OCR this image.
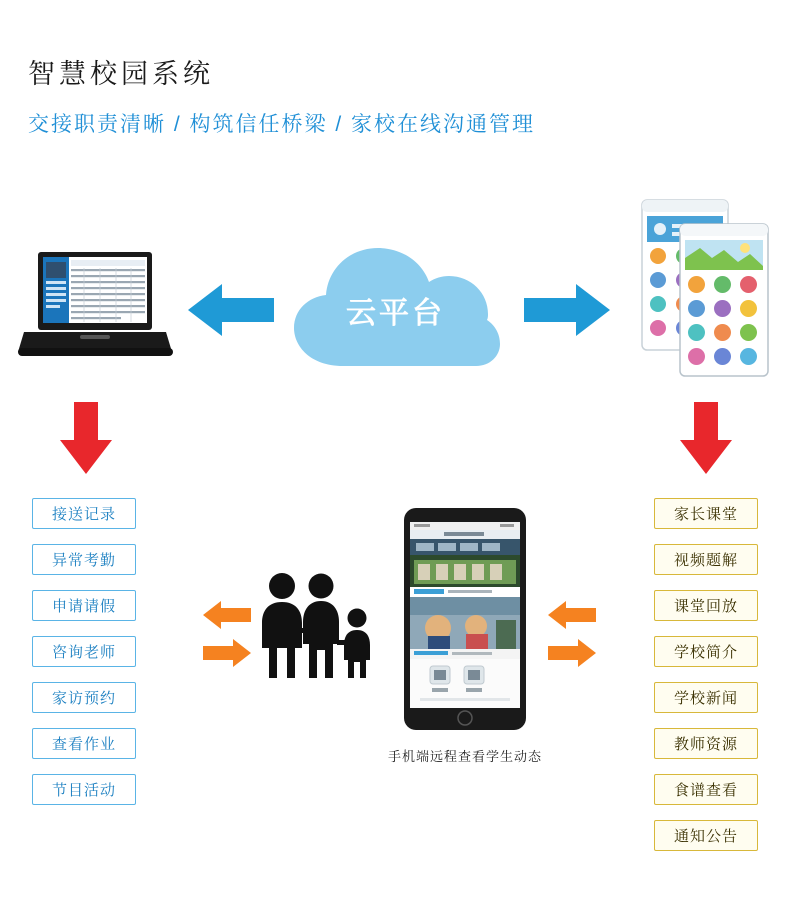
智慧校园系统
交接职责清晰 / 构筑信任桥梁 / 家校在线沟通管理
云平台
手机端远程查看学生动态
接送记录
异常考勤
申请请假
咨询老师
家访预约
查看作业
节目活动
家长课堂
视频题解
课堂回放
学校简介
学校新闻
教师资源
食谱查看
通知公告
